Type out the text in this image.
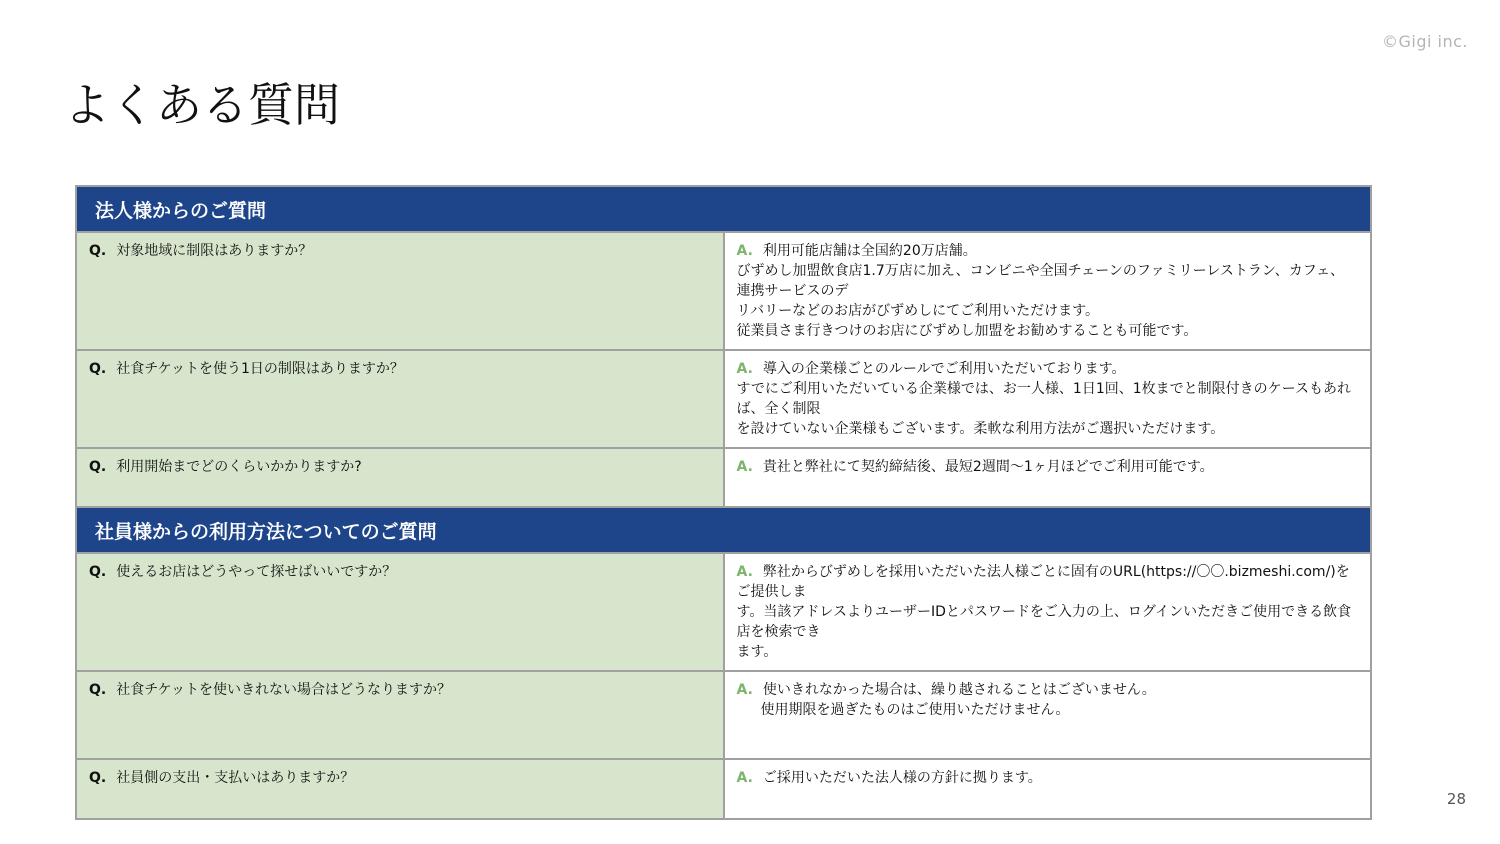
©Gigi inc.
よくある質問
法人様からのご質問	
Q. 対象地域に制限はありますか？	A. 利用可能店舗は全国約20万店舗。
びずめし加盟飲食店1.7万店に加え、コンビニや全国チェーンのファミリーレストラン、カフェ、連携サービスのデ
リバリーなどのお店がびずめしにてご利用いただけます。
従業員さま行きつけのお店にびずめし加盟をお勧めすることも可能です。

Q. 社食チケットを使う1日の制限はありますか？	A. 導入の企業様ごとのルールでご利用いただいております。
すでにご利用いただいている企業様では、お一人様、1日1回、1枚までと制限付きのケースもあれば、全く制限
を設けていない企業様もございます。柔軟な利用方法がご選択いただけます。

Q. 利用開始までどのくらいかかりますか?	A. 貴社と弊社にて契約締結後、最短2週間～1ヶ月ほどでご利用可能です。
社員様からの利用方法についてのご質問	
Q. 使えるお店はどうやって探せばいいですか？	A. 弊社からびずめしを採用いただいた法人様ごとに固有のURL(https://〇〇.bizmeshi.com/)をご提供しま
す。当該アドレスよりユーザーIDとパスワードをご入力の上、ログインいただきご使用できる飲食店を検索でき
ます。

Q. 社食チケットを使いきれない場合はどうなりますか？	A. 使いきれなかった場合は、繰り越されることはございません。
使用期限を過ぎたものはご使用いただけません。

Q. 社員側の支出・支払いはありますか？	A. ご採用いただいた法人様の方針に拠ります。
28
